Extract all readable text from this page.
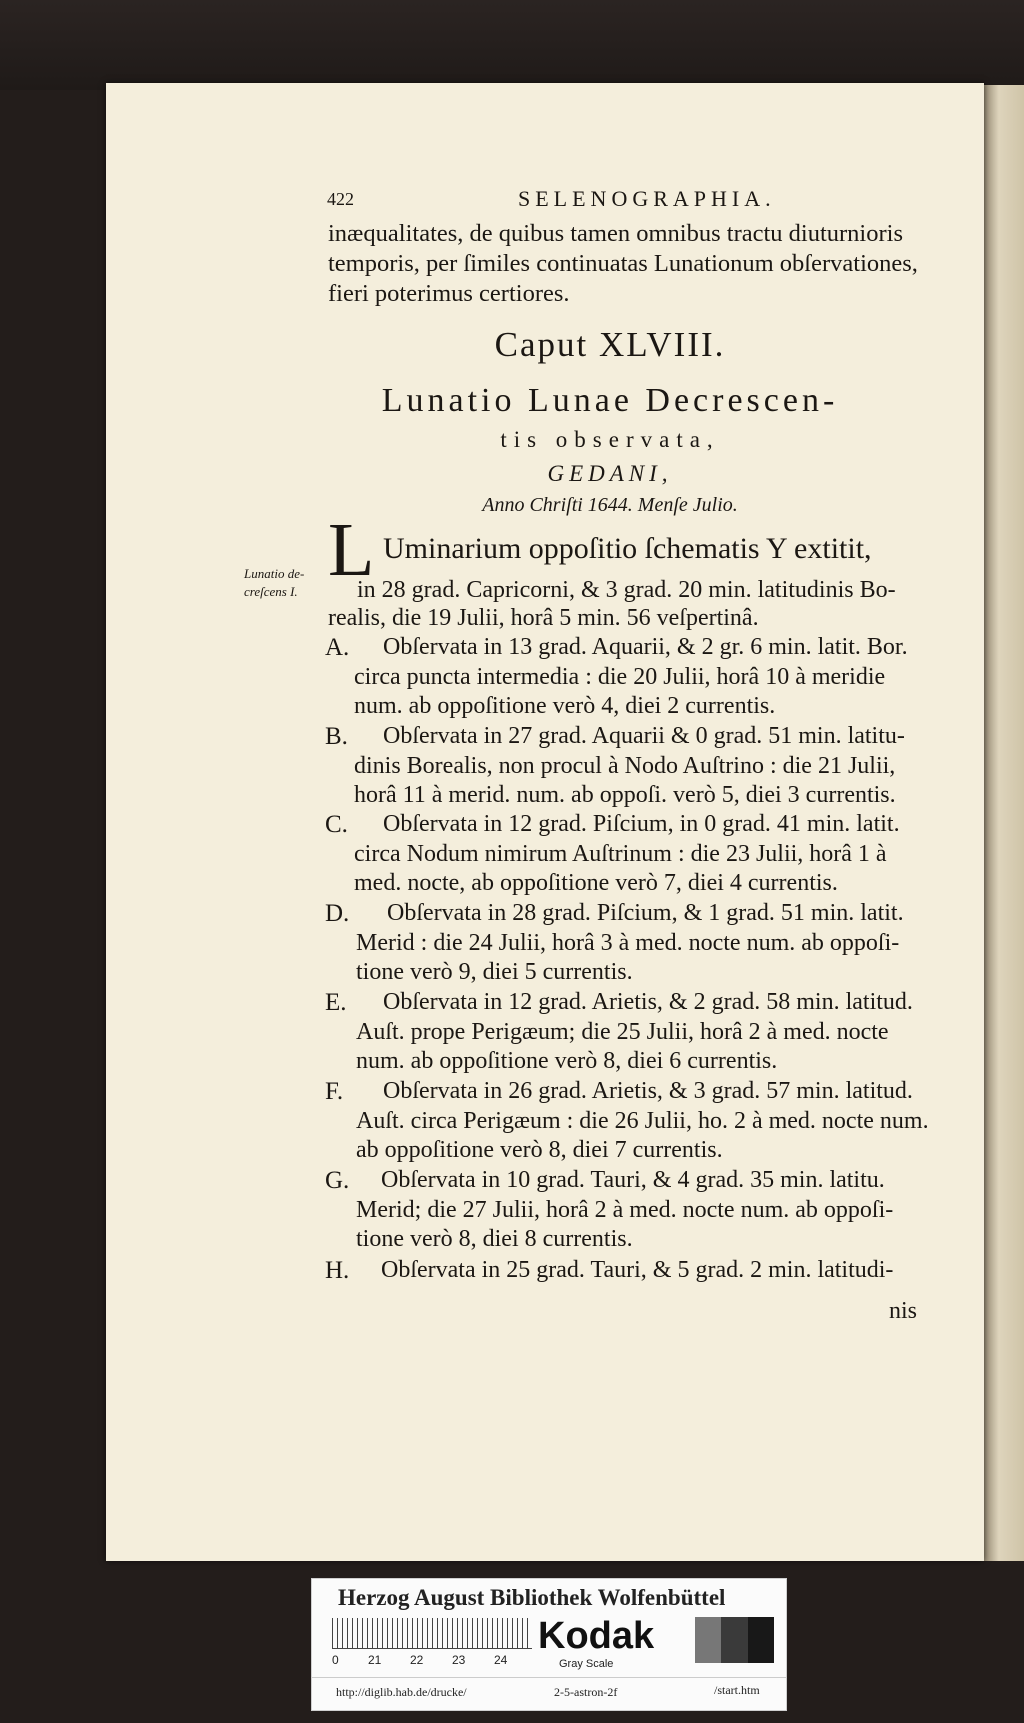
422	SELENOGRAPHIA.
inæqualitates, de quibus tamen omnibus tractu diuturnioris
temporis, per ſimiles continuatas Lunationum obſervationes,
fieri poterimus certiores.
Caput XLVIII.
Lunatio Lunae Decrescen-
tis observata,
GEDANI,
Anno Chriſti 1644. Menſe Julio.
Lunatio de-
creſcens I. L Uminarium oppoſitio ſchematis Y extitit,
in 28 grad. Capricorni, & 3 grad. 20 min. latitudinis Bo-
realis, die 19 Julii, horâ 5 min. 56 veſpertinâ.
A. Obſervata in 13 grad. Aquarii, & 2 gr. 6 min. latit. Bor.
circa puncta intermedia : die 20 Julii, horâ 10 à meridie
num. ab oppoſitione verò 4, diei 2 currentis.
B. Obſervata in 27 grad. Aquarii & 0 grad. 51 min. latitu-
dinis Borealis, non procul à Nodo Auſtrino : die 21 Julii,
horâ 11 à merid. num. ab oppoſi. verò 5, diei 3 currentis.
C. Obſervata in 12 grad. Piſcium, in 0 grad. 41 min. latit.
circa Nodum nimirum Auſtrinum : die 23 Julii, horâ 1 à
med. nocte, ab oppoſitione verò 7, diei 4 currentis.
D. Obſervata in 28 grad. Piſcium, & 1 grad. 51 min. latit.
Merid : die 24 Julii, horâ 3 à med. nocte num. ab oppoſi-
tione verò 9, diei 5 currentis.
E. Obſervata in 12 grad. Arietis, & 2 grad. 58 min. latitud.
Auſt. prope Perigæum; die 25 Julii, horâ 2 à med. nocte
num. ab oppoſitione verò 8, diei 6 currentis.
F. Obſervata in 26 grad. Arietis, & 3 grad. 57 min. latitud.
Auſt. circa Perigæum : die 26 Julii, ho. 2 à med. nocte num.
ab oppoſitione verò 8, diei 7 currentis.
G. Obſervata in 10 grad. Tauri, & 4 grad. 35 min. latitu.
Merid; die 27 Julii, horâ 2 à med. nocte num. ab oppoſi-
tione verò 8, diei 8 currentis.
H. Obſervata in 25 grad. Tauri, & 5 grad. 2 min. latitudi-
nis
Herzog August Bibliothek Wolfenbüttel
0 21 22 23 24
Kodak
Gray Scale
http://diglib.hab.de/drucke/	2-5-astron-2f	/start.htm
